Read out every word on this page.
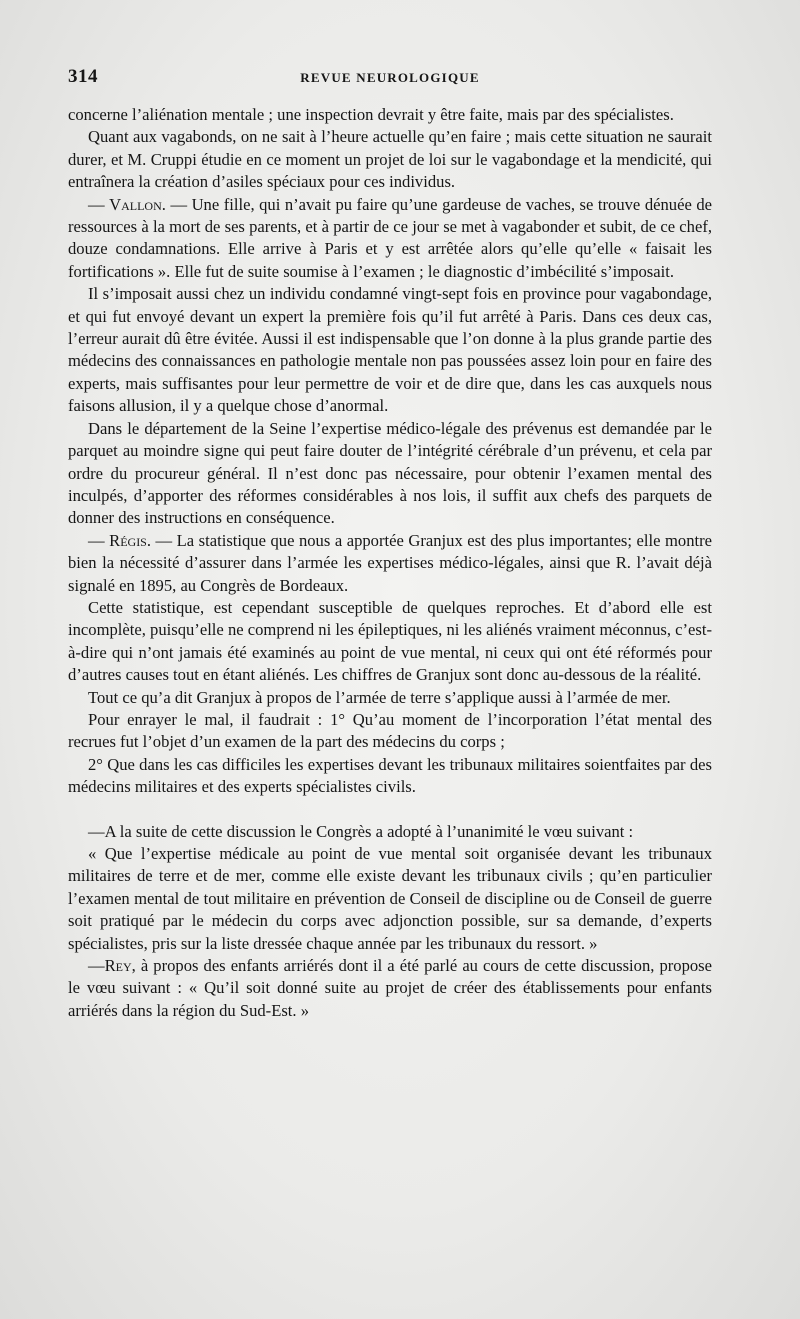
314	REVUE NEUROLOGIQUE

concerne l’aliénation mentale ; une inspection devrait y être faite, mais par des spécialistes.

Quant aux vagabonds, on ne sait à l’heure actuelle qu’en faire ; mais cette situation ne saurait durer, et M. Cruppi étudie en ce moment un projet de loi sur le vagabondage et la mendicité, qui entraînera la création d’asiles spéciaux pour ces individus.

— Vallon. — Une fille, qui n’avait pu faire qu’une gardeuse de vaches, se trouve dénuée de ressources à la mort de ses parents, et à partir de ce jour se met à vagabonder et subit, de ce chef, douze condamnations. Elle arrive à Paris et y est arrêtée alors qu’elle qu’elle « faisait les fortifications ». Elle fut de suite soumise à l’examen ; le diagnostic d’imbécilité s’imposait.

Il s’imposait aussi chez un individu condamné vingt-sept fois en province pour vagabondage, et qui fut envoyé devant un expert la première fois qu’il fut arrêté à Paris. Dans ces deux cas, l’erreur aurait dû être évitée. Aussi il est indispensable que l’on donne à la plus grande partie des médecins des connaissances en pathologie mentale non pas poussées assez loin pour en faire des experts, mais suffisantes pour leur permettre de voir et de dire que, dans les cas auxquels nous faisons allusion, il y a quelque chose d’anormal.

Dans le département de la Seine l’expertise médico-légale des prévenus est demandée par le parquet au moindre signe qui peut faire douter de l’intégrité cérébrale d’un prévenu, et cela par ordre du procureur général. Il n’est donc pas nécessaire, pour obtenir l’examen mental des inculpés, d’apporter des réformes considérables à nos lois, il suffit aux chefs des parquets de donner des instructions en conséquence.

— Régis. — La statistique que nous a apportée Granjux est des plus importantes; elle montre bien la nécessité d’assurer dans l’armée les expertises médico-légales, ainsi que R. l’avait déjà signalé en 1895, au Congrès de Bordeaux.

Cette statistique, est cependant susceptible de quelques reproches. Et d’abord elle est incomplète, puisqu’elle ne comprend ni les épileptiques, ni les aliénés vraiment méconnus, c’est-à-dire qui n’ont jamais été examinés au point de vue mental, ni ceux qui ont été réformés pour d’autres causes tout en étant aliénés. Les chiffres de Granjux sont donc au-dessous de la réalité.

Tout ce qu’a dit Granjux à propos de l’armée de terre s’applique aussi à l’armée de mer.

Pour enrayer le mal, il faudrait : 1° Qu’au moment de l’incorporation l’état mental des recrues fut l’objet d’un examen de la part des médecins du corps ;

2° Que dans les cas difficiles les expertises devant les tribunaux militaires soientfaites par des médecins militaires et des experts spécialistes civils.

—A la suite de cette discussion le Congrès a adopté à l’unanimité le vœu suivant :

« Que l’expertise médicale au point de vue mental soit organisée devant les tribunaux militaires de terre et de mer, comme elle existe devant les tribunaux civils ; qu’en particulier l’examen mental de tout militaire en prévention de Conseil de discipline ou de Conseil de guerre soit pratiqué par le médecin du corps avec adjonction possible, sur sa demande, d’experts spécialistes, pris sur la liste dressée chaque année par les tribunaux du ressort. »

—Rey, à propos des enfants arriérés dont il a été parlé au cours de cette discussion, propose le vœu suivant : « Qu’il soit donné suite au projet de créer des établissements pour enfants arriérés dans la région du Sud-Est. »
